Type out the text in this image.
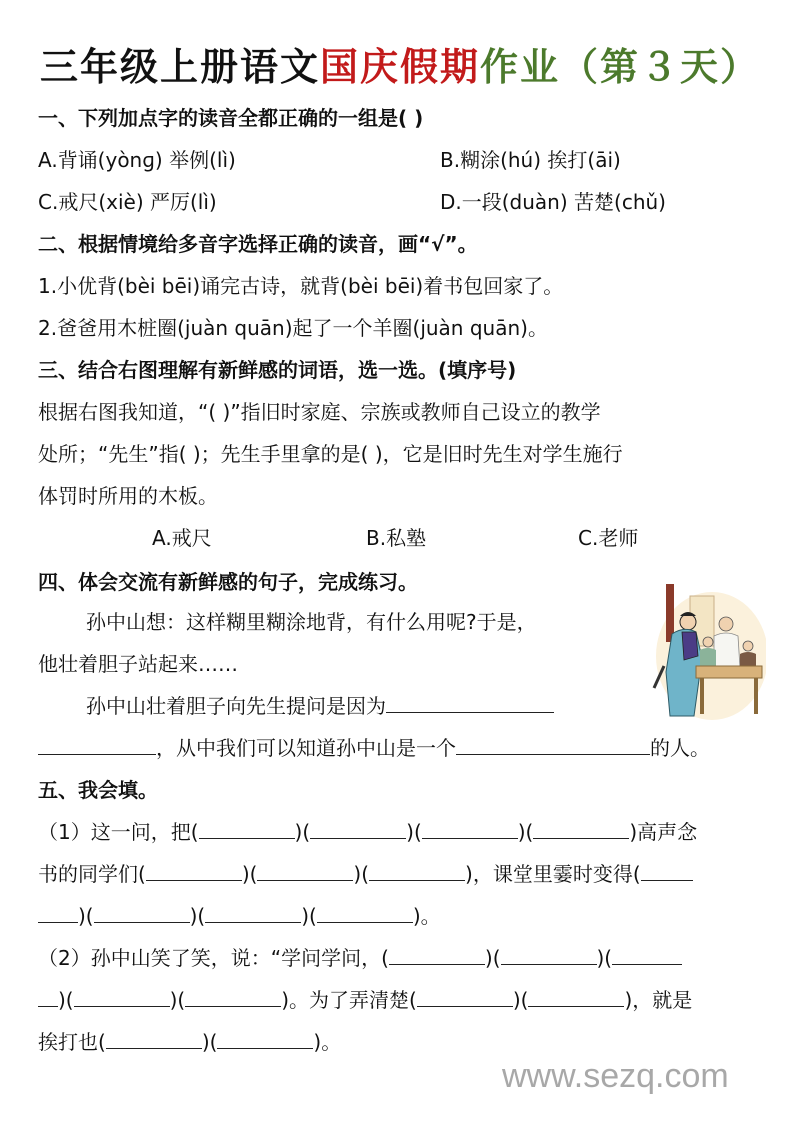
三年级上册语文国庆假期作业（第３天）
一、下列加点字的读音全都正确的一组是( )
A.背诵(yònɡ) 举例(lì)	B.糊涂(hú) 挨打(āi)
C.戒尺(xiè) 严厉(lì)	D.一段(duàn) 苦楚(chǔ)
二、根据情境给多音字选择正确的读音，画“√”。
1.小优背(bèi bēi)诵完古诗，就背(bèi bēi)着书包回家了。
2.爸爸用木桩圈(juàn quān)起了一个羊圈(juàn quān)。
三、结合右图理解有新鲜感的词语，选一选。(填序号)
根据右图我知道，“( )”指旧时家庭、宗族或教师自己设立的教学
处所；“先生”指( )；先生手里拿的是( )，它是旧时先生对学生施行
体罚时所用的木板。
A.戒尺	B.私塾	C.老师
四、体会交流有新鲜感的句子，完成练习。
孙中山想：这样糊里糊涂地背，有什么用呢?于是，
他壮着胆子站起来……
孙中山壮着胆子向先生提问是因为
，从中我们可以知道孙中山是一个	的人。
五、我会填。
（1）这一问，把(	)(	)(	)(	)高声念
书的同学们(	)(	)(	)，课堂里霎时变得(
)(	)(	)(	)。
（2）孙中山笑了笑，说：“学问学问，(	)(	)(
)(	)(	)。为了弄清楚(	)(	)，就是
挨打也(	)(	)。
www.sezq.com
